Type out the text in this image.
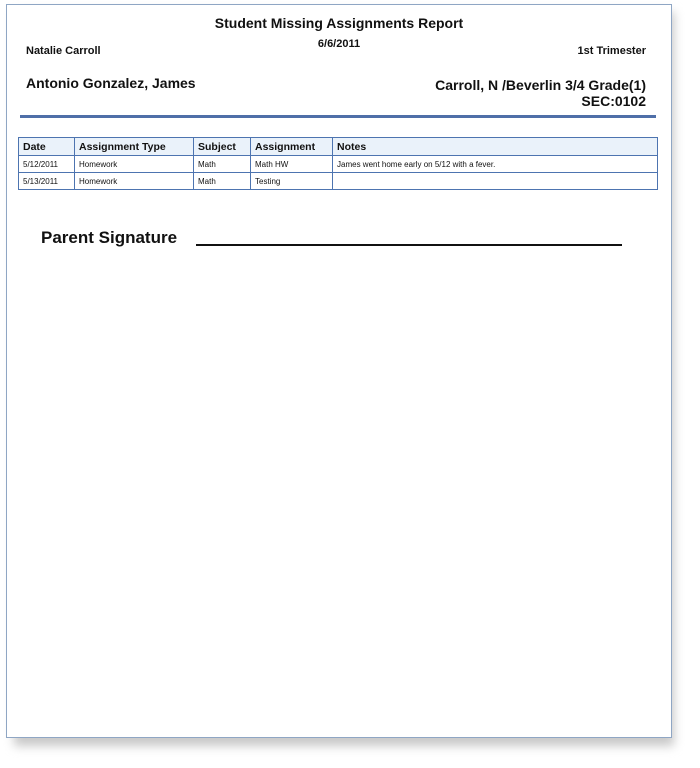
Student Missing Assignments Report
6/6/2011
Natalie Carroll	1st Trimester
Antonio Gonzalez, James	Carroll, N /Beverlin 3/4 Grade(1)
SEC:0102
Date	Assignment Type	Subject	Assignment	Notes
5/12/2011	Homework	Math	Math HW	James went home early on 5/12 with a fever.
5/13/2011	Homework	Math	Testing	
Parent Signature
